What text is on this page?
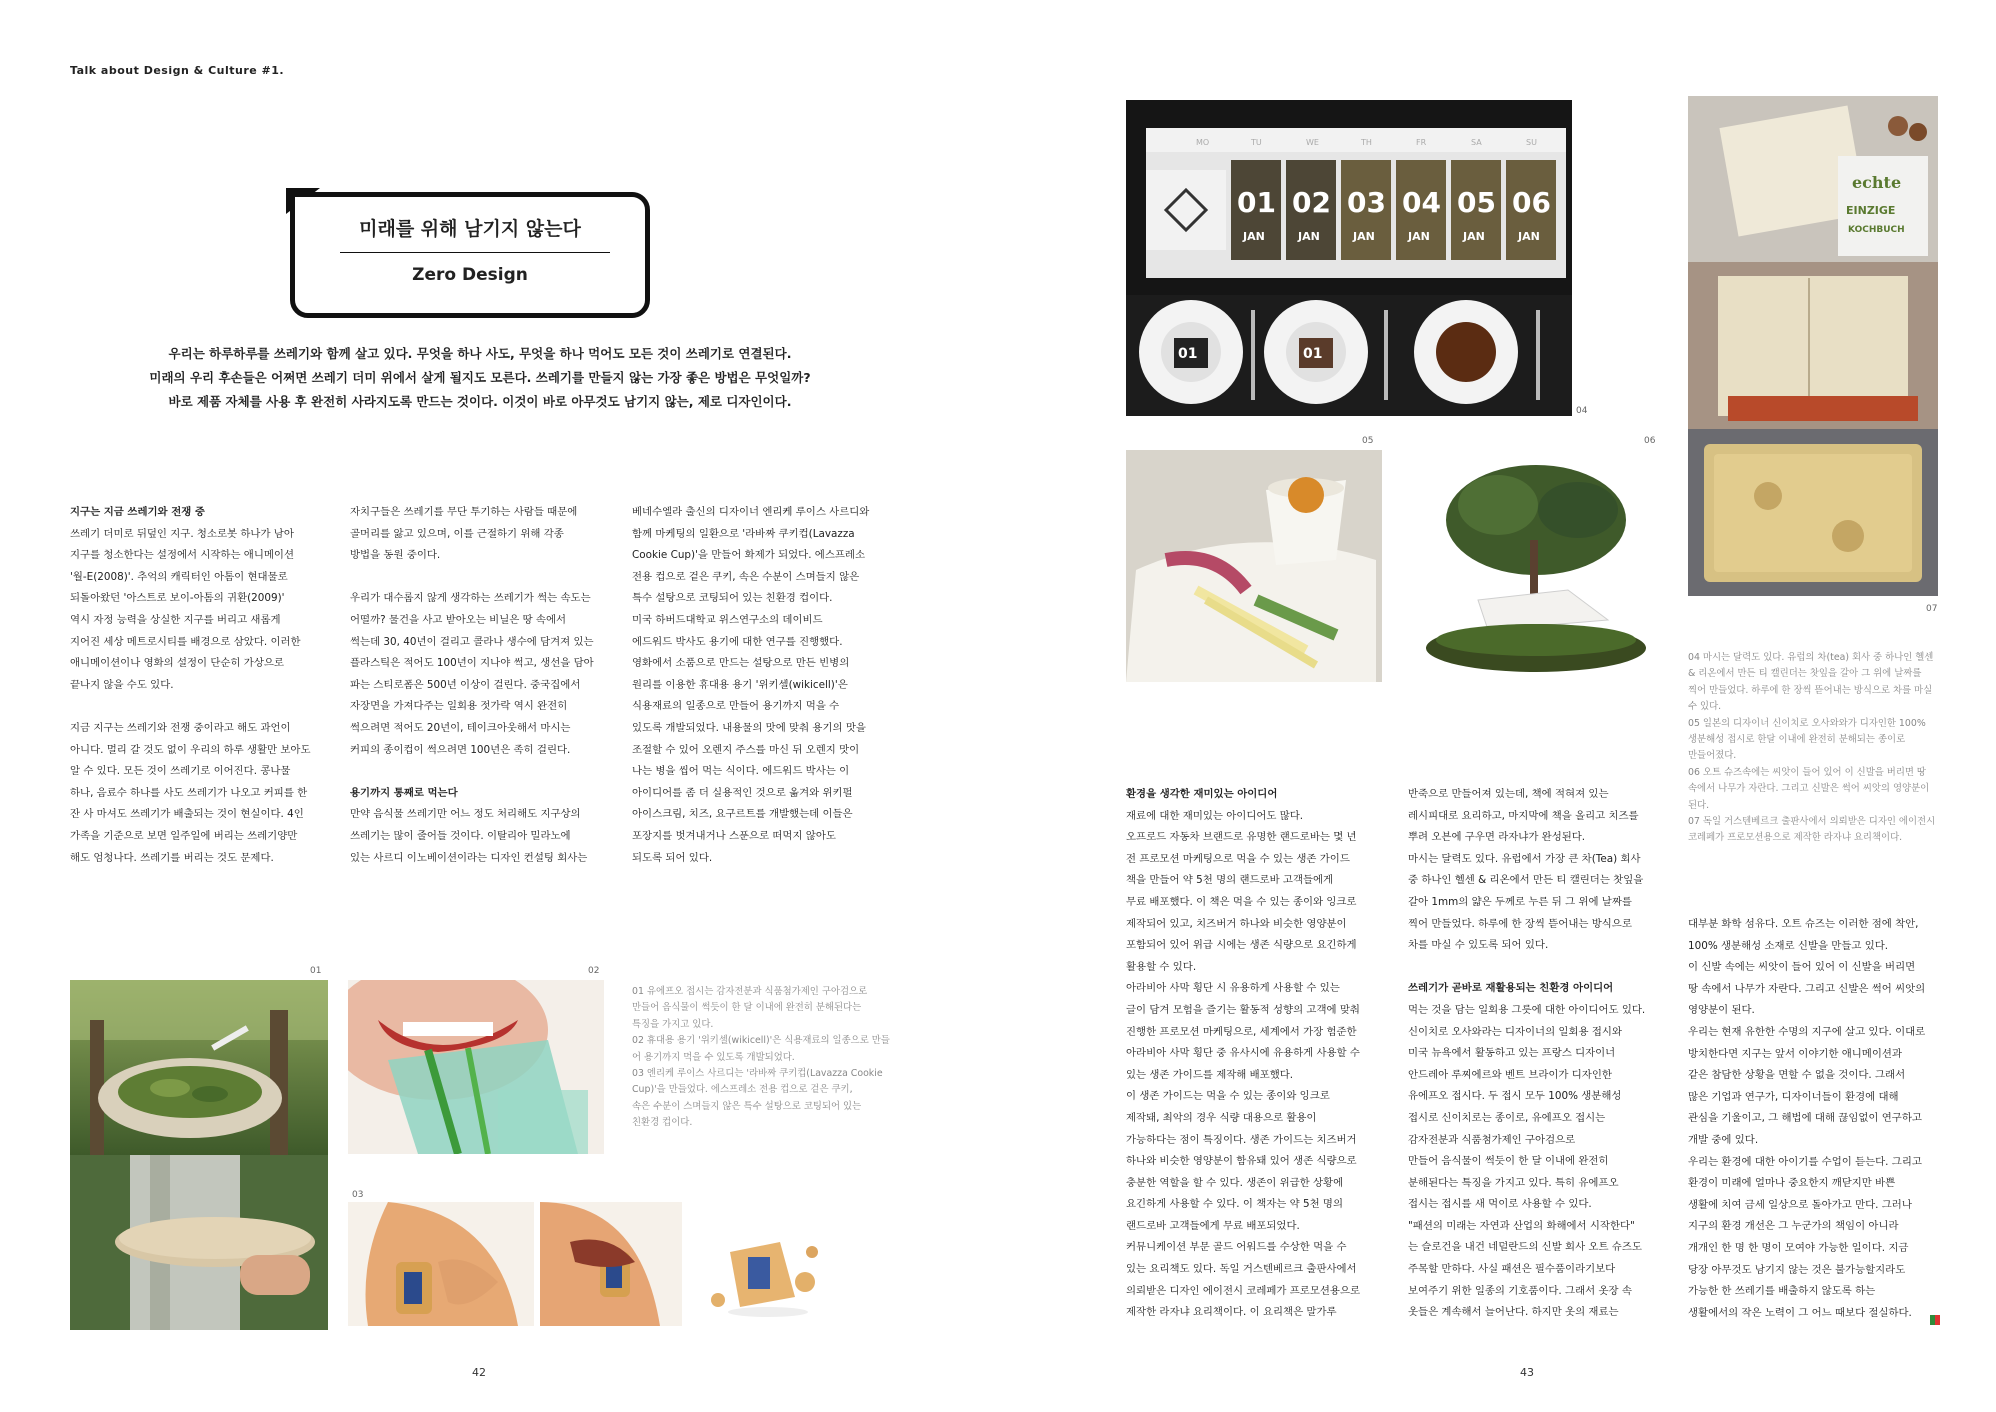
Talk about Design & Culture #1.
미래를 위해 남기지 않는다
Zero Design
우리는 하루하루를 쓰레기와 함께 살고 있다. 무엇을 하나 사도, 무엇을 하나 먹어도 모든 것이 쓰레기로 연결된다.
미래의 우리 후손들은 어쩌면 쓰레기 더미 위에서 살게 될지도 모른다. 쓰레기를 만들지 않는 가장 좋은 방법은 무엇일까?
바로 제품 자체를 사용 후 완전히 사라지도록 만드는 것이다. 이것이 바로 아무것도 남기지 않는, 제로 디자인이다.
지구는 지금 쓰레기와 전쟁 중
쓰레기 더미로 뒤덮인 지구. 청소로봇 하나가 남아
지구를 청소한다는 설정에서 시작하는 애니메이션
'월-E(2008)'. 추억의 캐릭터인 아톰이 현대물로
되돌아왔던 '아스트로 보이-아톰의 귀환(2009)'
역시 자정 능력을 상실한 지구를 버리고 새롭게
지어진 세상 메트로시티를 배경으로 삼았다. 이러한
애니메이션이나 영화의 설정이 단순히 가상으로
끝나지 않을 수도 있다.
지금 지구는 쓰레기와 전쟁 중이라고 해도 과언이
아니다. 멀리 갈 것도 없이 우리의 하루 생활만 보아도
알 수 있다. 모든 것이 쓰레기로 이어진다. 콩나물
하나, 음료수 하나를 사도 쓰레기가 나오고 커피를 한
잔 사 마셔도 쓰레기가 배출되는 것이 현실이다. 4인
가족을 기준으로 보면 일주일에 버리는 쓰레기양만
해도 엄청나다. 쓰레기를 버리는 것도 문제다.
자치구들은 쓰레기를 무단 투기하는 사람들 때문에
골머리를 앓고 있으며, 이를 근절하기 위해 각종
방법을 동원 중이다.
우리가 대수롭지 않게 생각하는 쓰레기가 썩는 속도는
어떨까? 물건을 사고 받아오는 비닐은 땅 속에서
썩는데 30, 40년이 걸리고 콜라나 생수에 담겨져 있는
플라스틱은 적어도 100년이 지나야 썩고, 생선을 담아
파는 스티로폼은 500년 이상이 걸린다. 중국집에서
자장면을 가져다주는 일회용 젓가락 역시 완전히
썩으려면 적어도 20년이, 테이크아웃해서 마시는
커피의 종이컵이 썩으려면 100년은 족히 걸린다.
용기까지 통째로 먹는다
만약 음식물 쓰레기만 어느 정도 처리해도 지구상의
쓰레기는 많이 줄어들 것이다. 이탈리아 밀라노에
있는 사르디 이노베이션이라는 디자인 컨설팅 회사는
베네수엘라 출신의 디자이너 엔리케 루이스 사르디와
함께 마케팅의 일환으로 '라바짜 쿠키컵(Lavazza
Cookie Cup)'을 만들어 화제가 되었다. 에스프레소
전용 컵으로 겉은 쿠키, 속은 수분이 스며들지 않은
특수 설탕으로 코팅되어 있는 친환경 컵이다.
미국 하버드대학교 위스연구소의 데이비드
에드워드 박사도 용기에 대한 연구를 진행했다.
영화에서 소품으로 만드는 설탕으로 만든 빈병의
원리를 이용한 휴대용 용기 '위키셀(wikicell)'은
식용재료의 일종으로 만들어 용기까지 먹을 수
있도록 개발되었다. 내용물의 맛에 맞춰 용기의 맛을
조절할 수 있어 오렌지 주스를 마신 뒤 오렌지 맛이
나는 병을 씹어 먹는 식이다. 에드워드 박사는 이
아이디어를 좀 더 실용적인 것으로 옮겨와 위키펄
아이스크림, 치즈, 요구르트를 개발했는데 이들은
포장지를 벗겨내거나 스푼으로 떠먹지 않아도
되도록 되어 있다.
01	02
03
01 유에프오 접시는 감자전분과 식품첨가제인 구아검으로
만들어 음식물이 썩듯이 한 달 이내에 완전히 분해된다는
특징을 가지고 있다.
02 휴대용 용기 '위키셀(wikicell)'은 식용재료의 일종으로 만들
어 용기까지 먹을 수 있도록 개발되었다.
03 엔리케 루이스 사르디는 '라바짜 쿠키컵(Lavazza Cookie
Cup)'을 만들었다. 에스프레소 전용 컵으로 겉은 쿠키,
속은 수분이 스며들지 않은 특수 설탕으로 코팅되어 있는
친환경 컵이다.
42
MO	TU	WE	TH	FR	SA	SU
01
JAN
02
JAN
03
JAN
04
JAN
05
JAN
06
JAN
01	01
04
echte
EINZIGE
KOCHBUCH
07
05	06
04 마시는 달력도 있다. 유럽의 차(tea) 회사 중 하나인 헬센
& 리온에서 만든 티 캘린더는 찻잎을 갈아 그 위에 날짜를
찍어 만들었다. 하루에 한 장씩 뜯어내는 방식으로 차를 마실
수 있다.
05 일본의 디자이너 신이치로 오사와와가 디자인한 100%
생분해성 접시로 한달 이내에 완전히 분해되는 종이로
만들어졌다.
06 오트 슈즈속에는 씨앗이 들어 있어 이 신발을 버리면 땅
속에서 나무가 자란다. 그리고 신발은 썩어 씨앗의 영양분이
된다.
07 독일 거스텐베르크 출판사에서 의뢰받은 디자인 에이전시
코레페가 프로모션용으로 제작한 라자냐 요리책이다.
환경을 생각한 재미있는 아이디어
재료에 대한 재미있는 아이디어도 많다.
오프로드 자동차 브랜드로 유명한 랜드로바는 몇 년
전 프로모션 마케팅으로 먹을 수 있는 생존 가이드
책을 만들어 약 5천 명의 랜드로바 고객들에게
무료 배포했다. 이 책은 먹을 수 있는 종이와 잉크로
제작되어 있고, 치즈버거 하나와 비슷한 영양분이
포함되어 있어 위급 시에는 생존 식량으로 요긴하게
활용할 수 있다.
아라비아 사막 횡단 시 유용하게 사용할 수 있는
글이 담겨 모험을 즐기는 활동적 성향의 고객에 맞춰
진행한 프로모션 마케팅으로, 세계에서 가장 험준한
아라비아 사막 횡단 중 유사시에 유용하게 사용할 수
있는 생존 가이드를 제작해 배포했다.
이 생존 가이드는 먹을 수 있는 종이와 잉크로
제작돼, 최악의 경우 식량 대용으로 활용이
가능하다는 점이 특징이다. 생존 가이드는 치즈버거
하나와 비슷한 영양분이 함유돼 있어 생존 식량으로
충분한 역할을 할 수 있다. 생존이 위급한 상황에
요긴하게 사용할 수 있다. 이 책자는 약 5천 명의
랜드로바 고객들에게 무료 배포되었다.
커뮤니케이션 부문 골드 어워드를 수상한 먹을 수
있는 요리책도 있다. 독일 거스텐베르크 출판사에서
의뢰받은 디자인 에이전시 코레페가 프로모션용으로
제작한 라자냐 요리책이다. 이 요리책은 말가루
반죽으로 만들어져 있는데, 책에 적혀져 있는
레시피대로 요리하고, 마지막에 책을 올리고 치즈를
뿌려 오븐에 구우면 라자냐가 완성된다.
마시는 달력도 있다. 유럽에서 가장 큰 차(Tea) 회사
중 하나인 헬센 & 리온에서 만든 티 캘린더는 찻잎을
갈아 1mm의 얇은 두께로 누른 뒤 그 위에 날짜를
찍어 만들었다. 하루에 한 장씩 뜯어내는 방식으로
차를 마실 수 있도록 되어 있다.
쓰레기가 곧바로 재활용되는 친환경 아이디어
먹는 것을 담는 일회용 그릇에 대한 아이디어도 있다.
신이치로 오사와라는 디자이너의 일회용 접시와
미국 뉴욕에서 활동하고 있는 프랑스 디자이너
안드레아 루찌에르와 벤트 브라이가 디자인한
유에프오 접시다. 두 접시 모두 100% 생분해성
접시로 신이치로는 종이로, 유에프오 접시는
감자전분과 식품첨가제인 구아검으로
만들어 음식물이 썩듯이 한 달 이내에 완전히
분해된다는 특징을 가지고 있다. 특히 유에프오
접시는 접시를 새 먹이로 사용할 수 있다.
"패션의 미래는 자연과 산업의 화해에서 시작한다"
는 슬로건을 내건 네덜란드의 신발 회사 오트 슈즈도
주목할 만하다. 사실 패션은 필수품이라기보다
보여주기 위한 일종의 기호품이다. 그래서 옷장 속
옷들은 계속해서 늘어난다. 하지만 옷의 재료는
대부분 화학 섬유다. 오트 슈즈는 이러한 점에 착안,
100% 생분해성 소재로 신발을 만들고 있다.
이 신발 속에는 씨앗이 들어 있어 이 신발을 버리면
땅 속에서 나무가 자란다. 그리고 신발은 썩어 씨앗의
영양분이 된다.
우리는 현재 유한한 수명의 지구에 살고 있다. 이대로
방치한다면 지구는 앞서 이야기한 애니메이션과
같은 참담한 상황을 면할 수 없을 것이다. 그래서
많은 기업과 연구가, 디자이너들이 환경에 대해
관심을 기울이고, 그 해법에 대해 끊임없이 연구하고
개발 중에 있다.
우리는 환경에 대한 아이기를 수업이 듣는다. 그리고
환경이 미래에 얼마나 중요한지 깨닫지만 바쁜
생활에 치여 금세 일상으로 돌아가고 만다. 그러나
지구의 환경 개선은 그 누군가의 책임이 아니라
개개인 한 명 한 명이 모여야 가능한 일이다. 지금
당장 아무것도 남기지 않는 것은 불가능할지라도
가능한 한 쓰레기를 배출하지 않도록 하는
생활에서의 작은 노력이 그 어느 때보다 절실하다.
43
